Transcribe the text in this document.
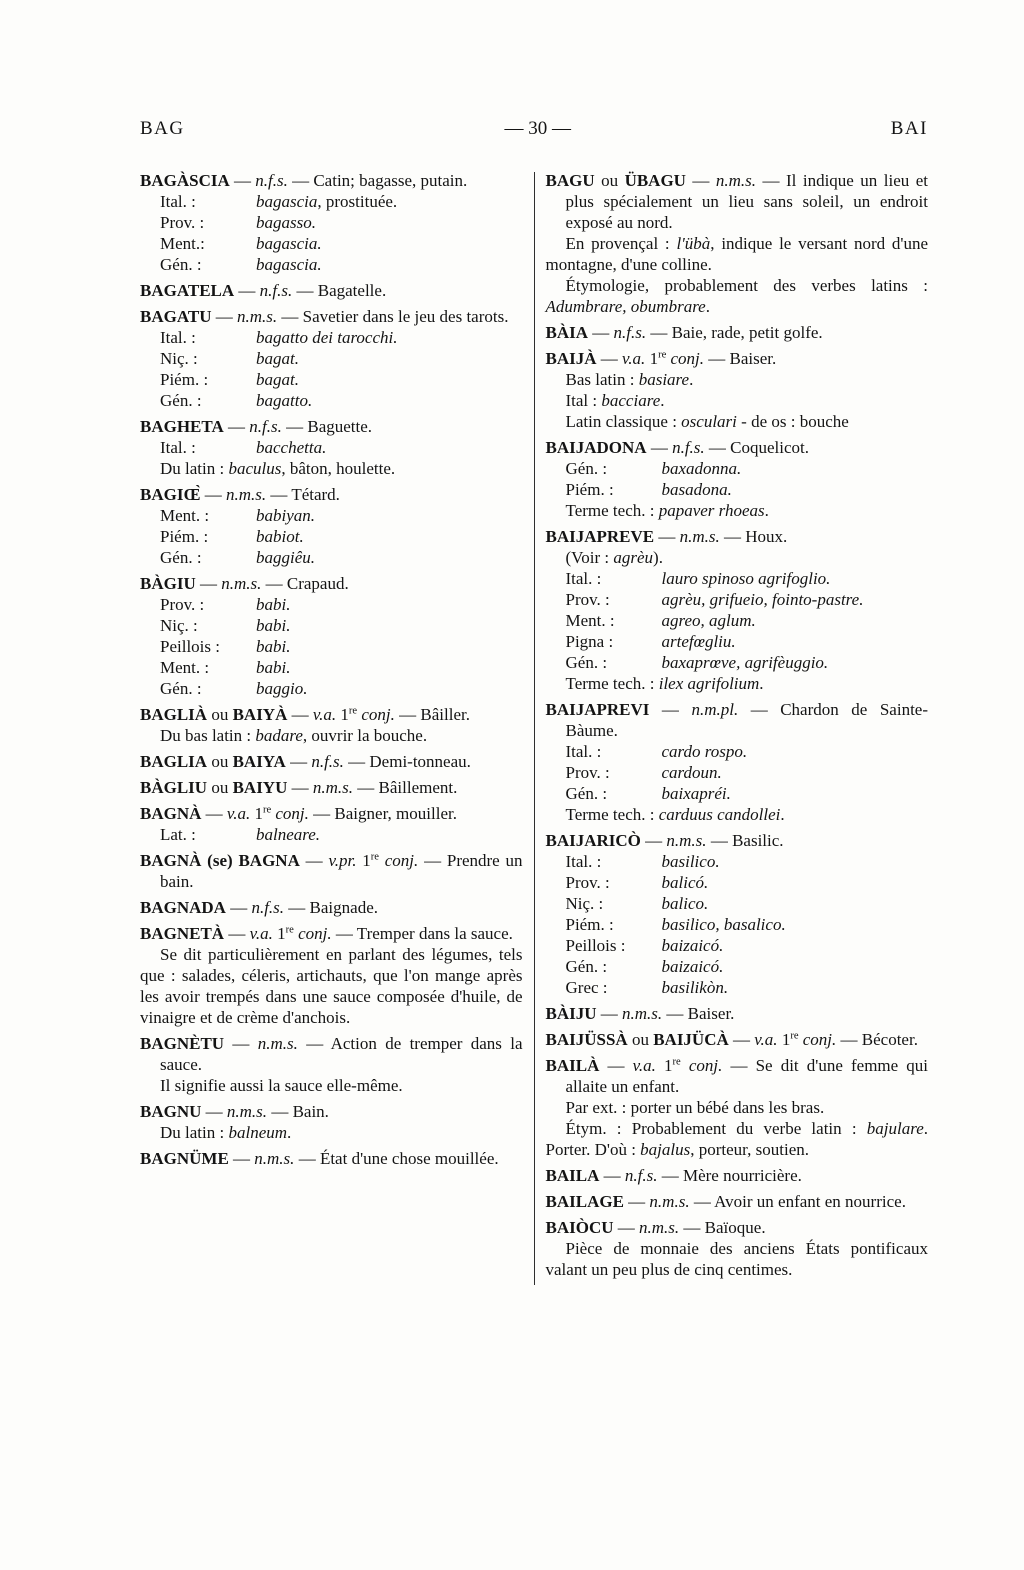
BAG	— 30 —	BAI
BAGÀSCIA — n.f.s. — Catin; bagasse, putain.
Ital. :	bagascia, prostituée.
Prov. :	bagasso.
Ment.:	bagascia.
Gén. :	bagascia.
BAGATELA — n.f.s. — Bagatelle.
BAGATU — n.m.s. — Savetier dans le jeu des tarots.
Ital. :	bagatto dei tarocchi.
Niç. :	bagat.
Piém. :	bagat.
Gén. :	bagatto.
BAGHETA — n.f.s. — Baguette.
Ital. :	bacchetta.
Du latin : baculus, bâton, houlette.
BAGIŒ̀ — n.m.s. — Tétard.
Ment. :	babiyan.
Piém. :	babiot.
Gén. :	baggiêu.
BÀGIU — n.m.s. — Crapaud.
Prov. :	babi.
Niç. :	babi.
Peillois :	babi.
Ment. :	babi.
Gén. :	baggio.
BAGLIÀ ou BAIYÀ — v.a. 1re conj. — Bâiller.
Du bas latin : badare, ouvrir la bouche.
BAGLIA ou BAIYA — n.f.s. — Demi-tonneau.
BÀGLIU ou BAIYU — n.m.s. — Bâillement.
BAGNÀ — v.a. 1re conj. — Baigner, mouiller.
Lat. :	balneare.
BAGNÀ (se) BAGNA — v.pr. 1re conj. — Prendre un bain.
BAGNADA — n.f.s. — Baignade.
BAGNETÀ — v.a. 1re conj. — Tremper dans la sauce.
Se dit particulièrement en parlant des légumes, tels que : salades, céleris, artichauts, que l'on mange après les avoir trempés dans une sauce composée d'huile, de vinaigre et de crème d'anchois.
BAGNÈTU — n.m.s. — Action de tremper dans la sauce.
Il signifie aussi la sauce elle-même.
BAGNU — n.m.s. — Bain.
Du latin : balneum.
BAGNÜME — n.m.s. — État d'une chose mouillée.
BAGU ou ÜBAGU — n.m.s. — Il indique un lieu et plus spécialement un lieu sans soleil, un endroit exposé au nord.
En provençal : l'übà, indique le versant nord d'une montagne, d'une colline.
Étymologie, probablement des verbes latins : Adumbrare, obumbrare.
BÀIA — n.f.s. — Baie, rade, petit golfe.
BAIJÀ — v.a. 1re conj. — Baiser.
Bas latin : basiare.
Ital : bacciare.
Latin classique : osculari - de os : bouche
BAIJADONA — n.f.s. — Coquelicot.
Gén. :	baxadonna.
Piém. :	basadona.
Terme tech. : papaver rhoeas.
BAIJAPREVE — n.m.s. — Houx.
(Voir : agrèu).
Ital. :	lauro spinoso agrifoglio.
Prov. :	agrèu, grifueio, fointo-pastre.
Ment. :	agreo, aglum.
Pigna :	artefœgliu.
Gén. :	baxaprœve, agrifèuggio.
Terme tech. : ilex agrifolium.
BAIJAPREVI — n.m.pl. — Chardon de Sainte-Bàume.
Ital. :	cardo rospo.
Prov. :	cardoun.
Gén. :	baixapréi.
Terme tech. : carduus candollei.
BAIJARICÒ — n.m.s. — Basilic.
Ital. :	basilico.
Prov. :	balicó.
Niç. :	balico.
Piém. :	basilico, basalico.
Peillois :	baizaicó.
Gén. :	baizaicó.
Grec :	basilikòn.
BÀIJU — n.m.s. — Baiser.
BAIJÜSSÀ ou BAIJÜCÀ — v.a. 1re conj. — Bécoter.
BAILÀ — v.a. 1re conj. — Se dit d'une femme qui allaite un enfant.
Par ext. : porter un bébé dans les bras.
Étym. : Probablement du verbe latin : bajulare. Porter. D'où : bajalus, porteur, soutien.
BAILA — n.f.s. — Mère nourricière.
BAILAGE — n.m.s. — Avoir un enfant en nourrice.
BAIÒCU — n.m.s. — Baïoque.
Pièce de monnaie des anciens États pontificaux valant un peu plus de cinq centimes.
